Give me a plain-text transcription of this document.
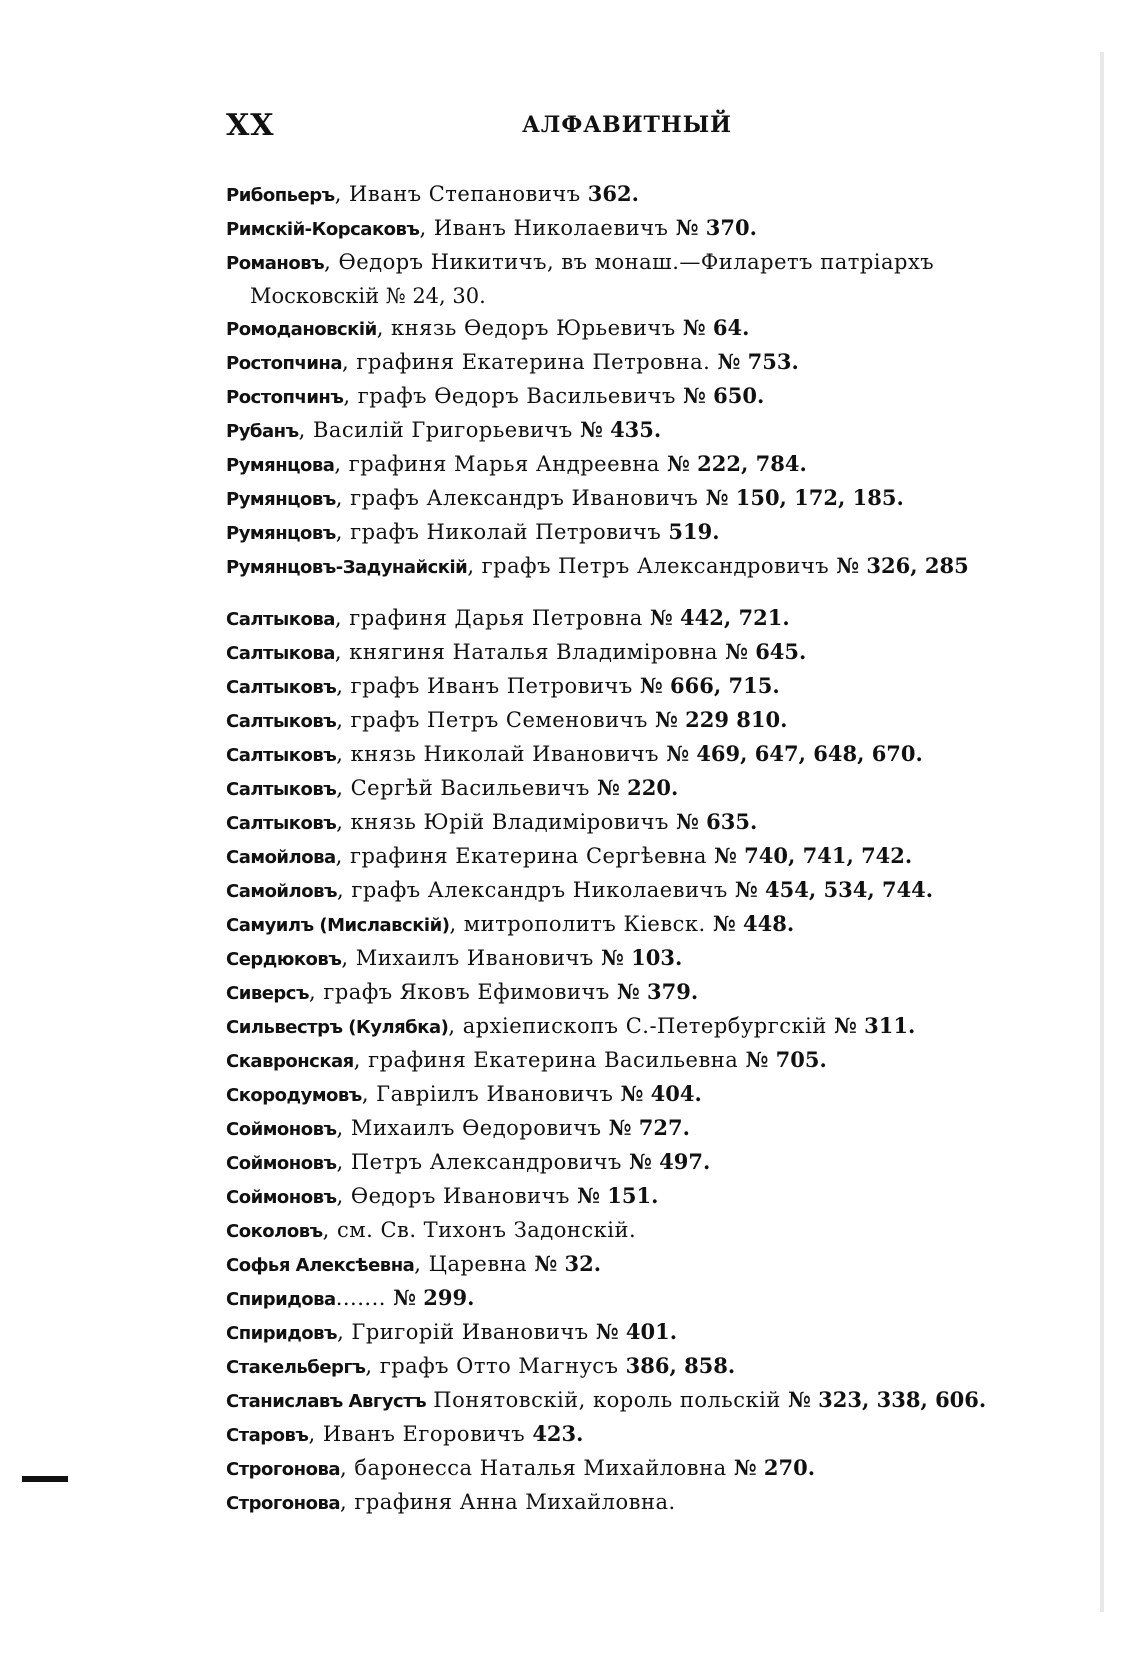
XX	АЛФАВИТНЫЙ
Рибопьеръ, Иванъ Степановичъ 362.
Римскій-Корсаковъ, Иванъ Николаевичъ № 370.
Романовъ, Ѳедоръ Никитичъ, въ монаш.—Филаретъ патріархъ
Московскій № 24, 30.
Ромодановскій, князь Ѳедоръ Юрьевичъ № 64.
Ростопчина, графиня Екатерина Петровна. № 753.
Ростопчинъ, графъ Ѳедоръ Васильевичъ № 650.
Рубанъ, Василій Григорьевичъ № 435.
Румянцова, графиня Марья Андреевна № 222, 784.
Румянцовъ, графъ Александръ Ивановичъ № 150, 172, 185.
Румянцовъ, графъ Николай Петровичъ 519.
Румянцовъ-Задунайскій, графъ Петръ Александровичъ № 326, 285
Салтыкова, графиня Дарья Петровна № 442, 721.
Салтыкова, княгиня Наталья Владиміровна № 645.
Салтыковъ, графъ Иванъ Петровичъ № 666, 715.
Салтыковъ, графъ Петръ Семеновичъ № 229 810.
Салтыковъ, князь Николай Ивановичъ № 469, 647, 648, 670.
Салтыковъ, Сергѣй Васильевичъ № 220.
Салтыковъ, князь Юрій Владиміровичъ № 635.
Самойлова, графиня Екатерина Сергѣевна № 740, 741, 742.
Самойловъ, графъ Александръ Николаевичъ № 454, 534, 744.
Самуилъ (Миславскій), митрополитъ Кіевск. № 448.
Сердюковъ, Михаилъ Ивановичъ № 103.
Сиверсъ, графъ Яковъ Ефимовичъ № 379.
Сильвестръ (Кулябка), архіепископъ С.-Петербургскій № 311.
Скавронская, графиня Екатерина Васильевна № 705.
Скородумовъ, Гавріилъ Ивановичъ № 404.
Соймоновъ, Михаилъ Ѳедоровичъ № 727.
Соймоновъ, Петръ Александровичъ № 497.
Соймоновъ, Ѳедоръ Ивановичъ № 151.
Соколовъ, см. Св. Тихонъ Задонскій.
Софья Алексѣевна, Царевна № 32.
Спиридова....... № 299.
Спиридовъ, Григорій Ивановичъ № 401.
Стакельбергъ, графъ Отто Магнусъ 386, 858.
Станиславъ Августъ Понятовскій, король польскій № 323, 338, 606.
Старовъ, Иванъ Егоровичъ 423.
Строгонова, баронесса Наталья Михайловна № 270.
Строгонова, графиня Анна Михайловна.
